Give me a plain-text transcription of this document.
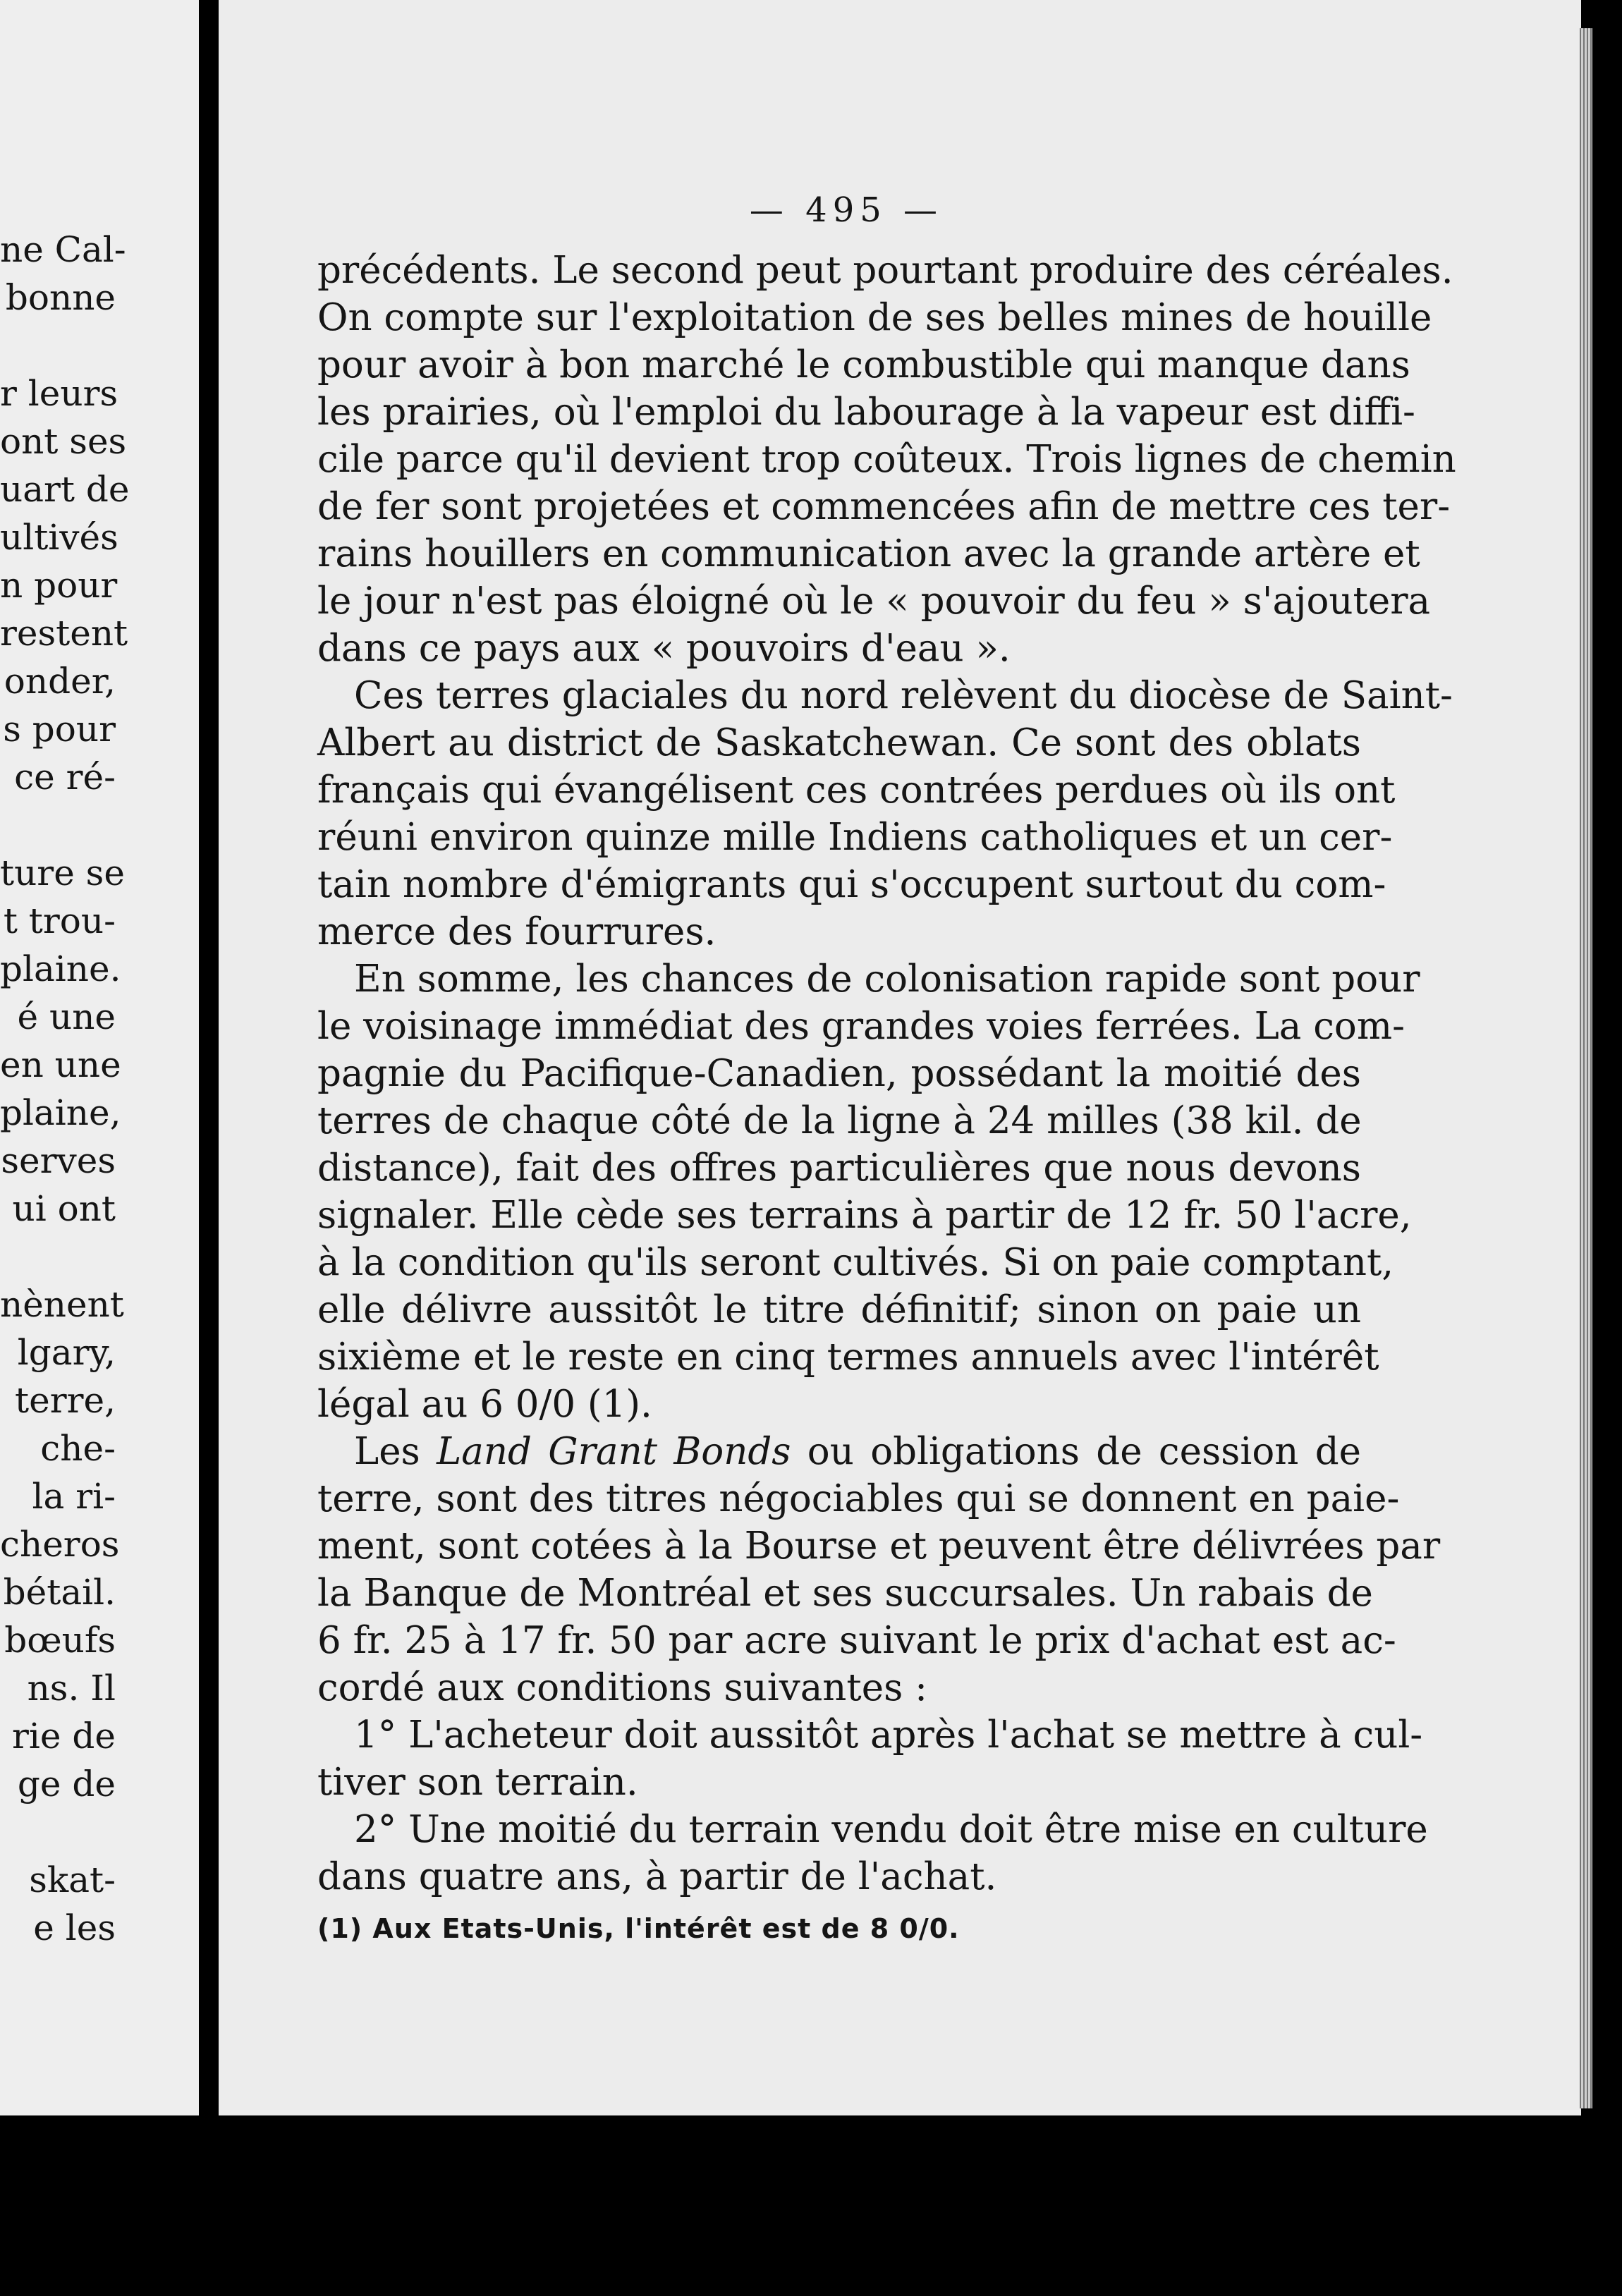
ne Cal-
bonne
r leurs
ont ses
uart de
ultivés
n pour
restent
onder,
s pour
ce ré-
ture se
t trou-
plaine.
é une
en une
plaine,
serves
ui ont
nènent
lgary,
terre,
che-
la ri-
cheros
bétail.
bœufs
ns. Il
rie de
ge de
skat-
e les
— 495 —
précédents. Le second peut pourtant produire des céréales.
On compte sur l'exploitation de ses belles mines de houille
pour avoir à bon marché le combustible qui manque dans
les prairies, où l'emploi du labourage à la vapeur est diffi-
cile parce qu'il devient trop coûteux. Trois lignes de chemin
de fer sont projetées et commencées afin de mettre ces ter-
rains houillers en communication avec la grande artère et
le jour n'est pas éloigné où le « pouvoir du feu » s'ajoutera
dans ce pays aux « pouvoirs d'eau ».
Ces terres glaciales du nord relèvent du diocèse de Saint-
Albert au district de Saskatchewan. Ce sont des oblats
français qui évangélisent ces contrées perdues où ils ont
réuni environ quinze mille Indiens catholiques et un cer-
tain nombre d'émigrants qui s'occupent surtout du com-
merce des fourrures.
En somme, les chances de colonisation rapide sont pour
le voisinage immédiat des grandes voies ferrées. La com-
pagnie du Pacifique-Canadien, possédant la moitié des
terres de chaque côté de la ligne à 24 milles (38 kil. de
distance), fait des offres particulières que nous devons
signaler. Elle cède ses terrains à partir de 12 fr. 50 l'acre,
à la condition qu'ils seront cultivés. Si on paie comptant,
elle délivre aussitôt le titre définitif; sinon on paie un
sixième et le reste en cinq termes annuels avec l'intérêt
légal au 6 0/0 (1).
Les Land Grant Bonds ou obligations de cession de
terre, sont des titres négociables qui se donnent en paie-
ment, sont cotées à la Bourse et peuvent être délivrées par
la Banque de Montréal et ses succursales. Un rabais de
6 fr. 25 à 17 fr. 50 par acre suivant le prix d'achat est ac-
cordé aux conditions suivantes :
1° L'acheteur doit aussitôt après l'achat se mettre à cul-
tiver son terrain.
2° Une moitié du terrain vendu doit être mise en culture
dans quatre ans, à partir de l'achat.
(1) Aux Etats-Unis, l'intérêt est de 8 0/0.
